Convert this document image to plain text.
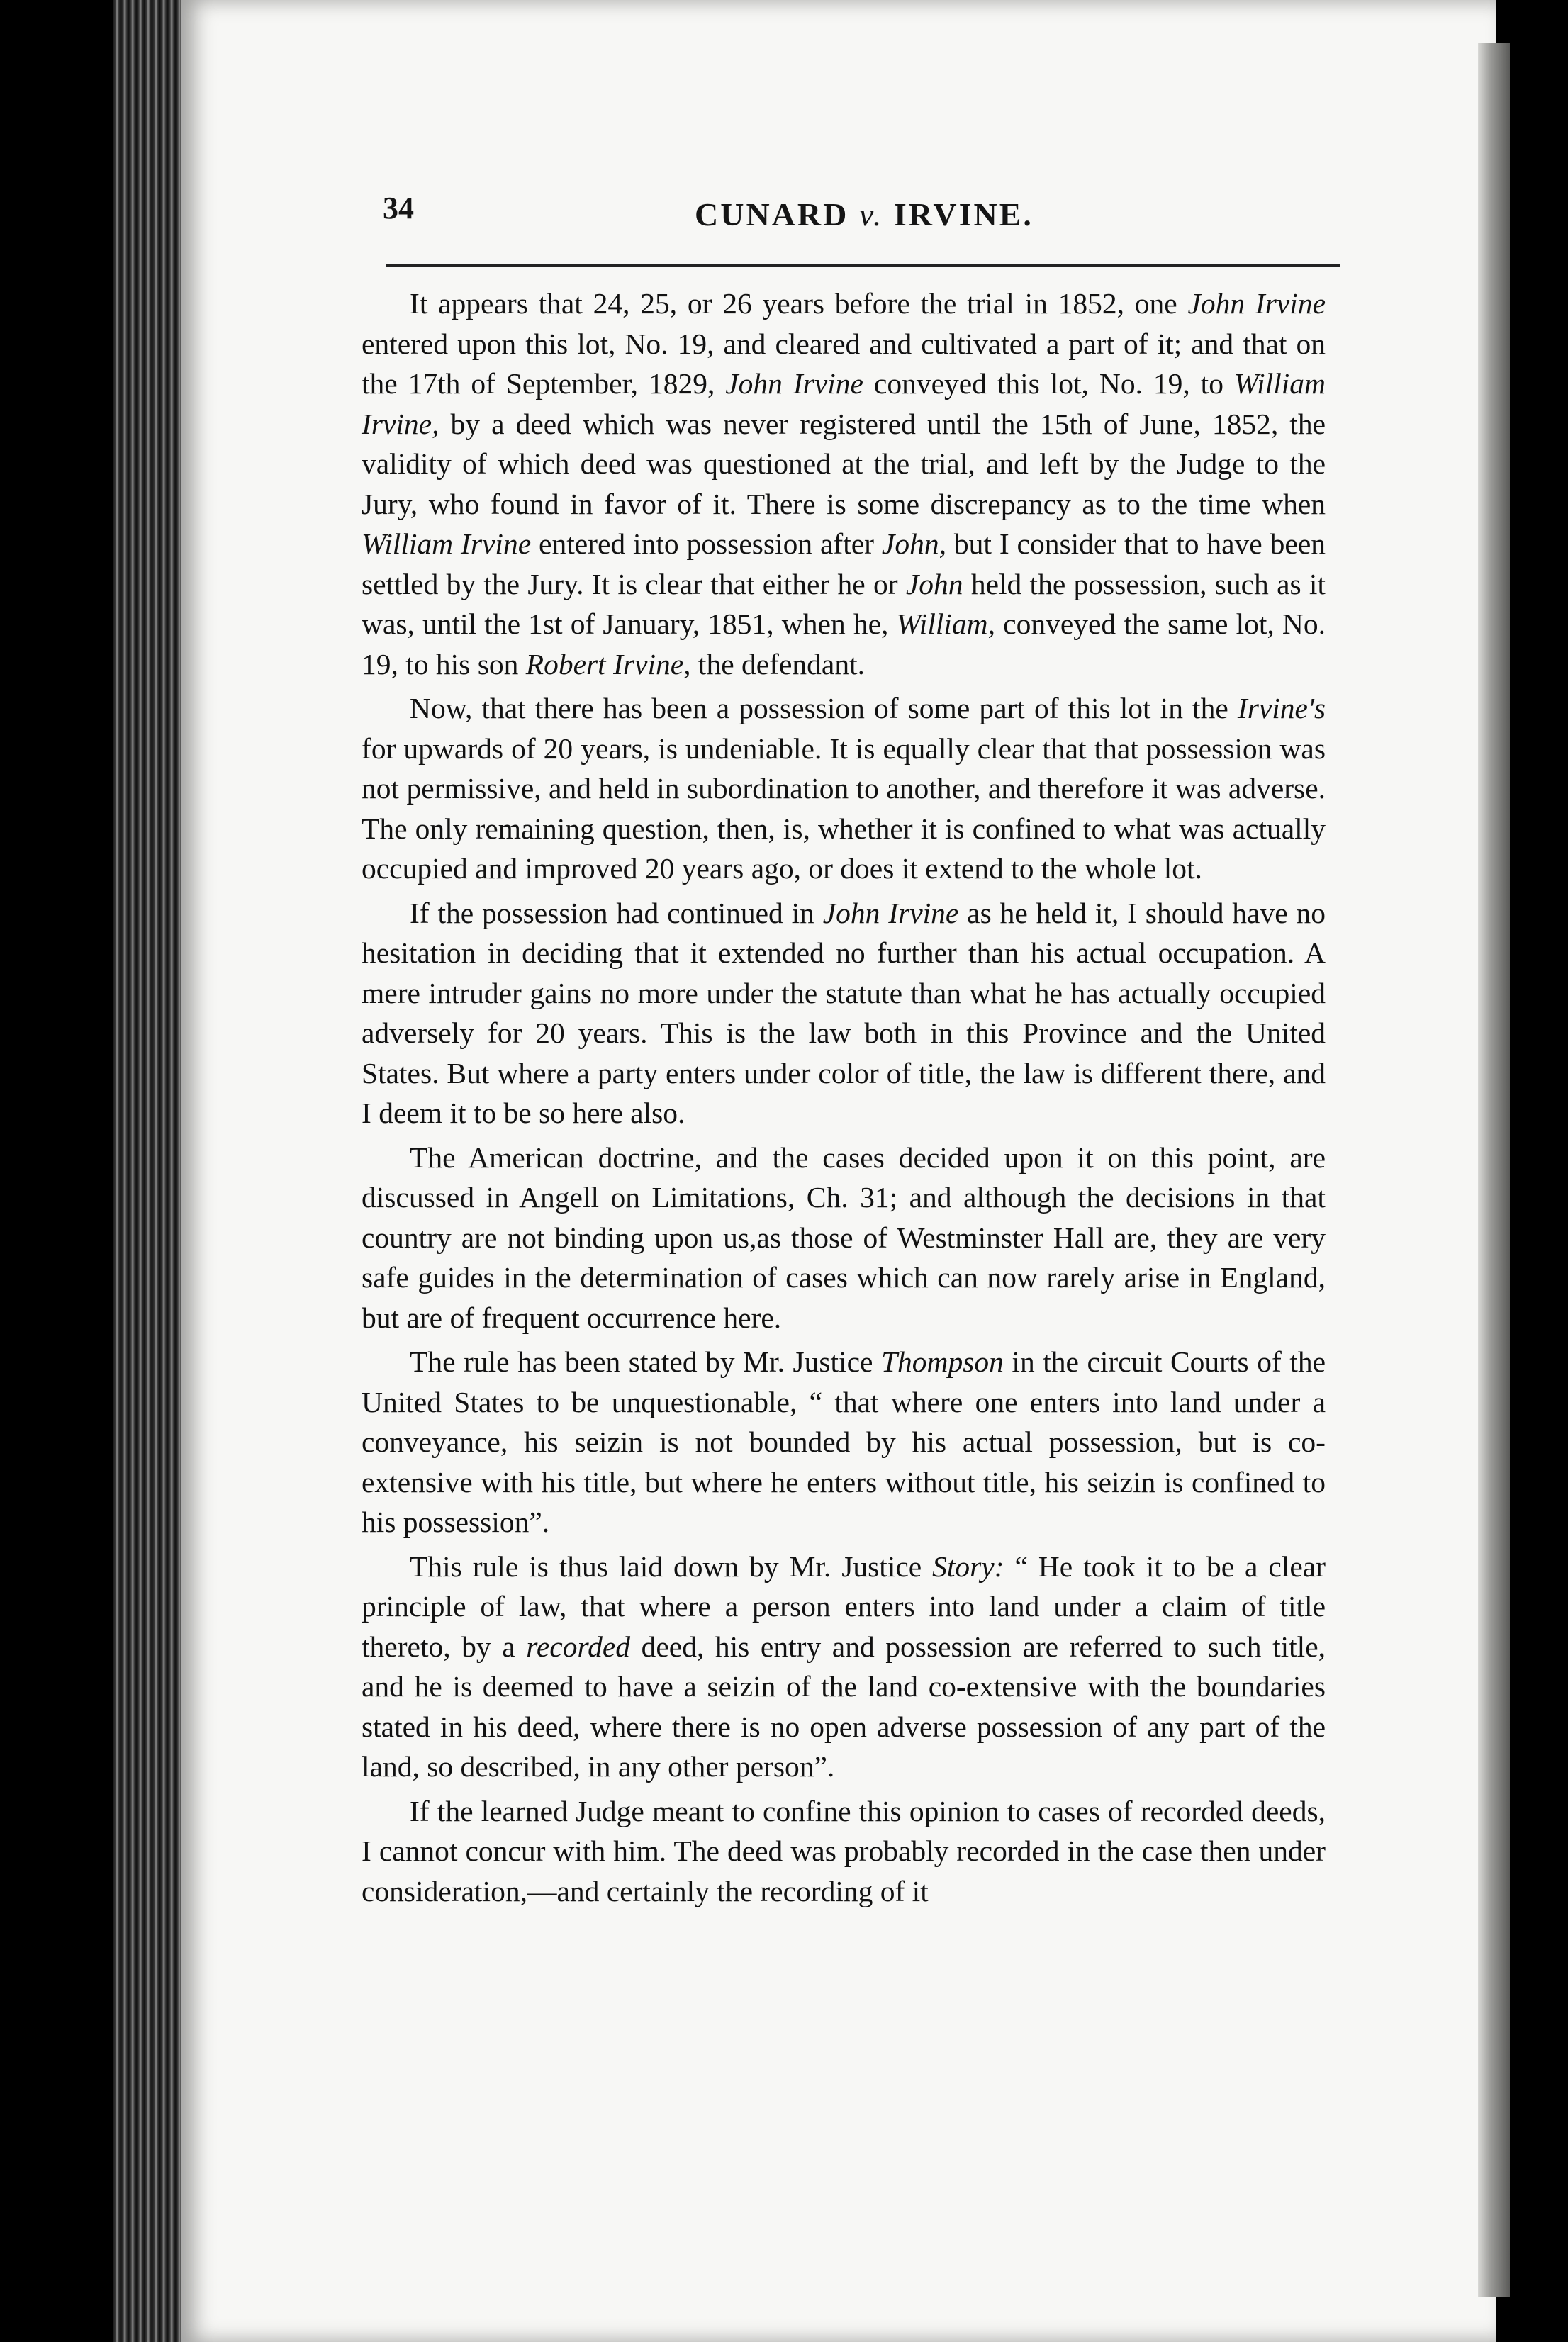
34	CUNARD v. IRVINE.

It appears that 24, 25, or 26 years before the trial in 1852, one John Irvine entered upon this lot, No. 19, and cleared and cultivated a part of it; and that on the 17th of September, 1829, John Irvine conveyed this lot, No. 19, to William Irvine, by a deed which was never registered until the 15th of June, 1852, the validity of which deed was questioned at the trial, and left by the Judge to the Jury, who found in favor of it. There is some discrepancy as to the time when William Irvine entered into possession after John, but I consider that to have been settled by the Jury. It is clear that either he or John held the possession, such as it was, until the 1st of January, 1851, when he, William, conveyed the same lot, No. 19, to his son Robert Irvine, the defendant.

Now, that there has been a possession of some part of this lot in the Irvine's for upwards of 20 years, is undeniable. It is equally clear that that possession was not permissive, and held in subordination to another, and therefore it was adverse. The only remaining question, then, is, whether it is confined to what was actually occupied and improved 20 years ago, or does it extend to the whole lot.

If the possession had continued in John Irvine as he held it, I should have no hesitation in deciding that it extended no further than his actual occupation. A mere intruder gains no more under the statute than what he has actually occupied adversely for 20 years. This is the law both in this Province and the United States. But where a party enters under color of title, the law is different there, and I deem it to be so here also.

The American doctrine, and the cases decided upon it on this point, are discussed in Angell on Limitations, Ch. 31; and although the decisions in that country are not binding upon us,as those of Westminster Hall are, they are very safe guides in the determination of cases which can now rarely arise in England, but are of frequent occurrence here.

The rule has been stated by Mr. Justice Thompson in the circuit Courts of the United States to be unquestionable, “ that where one enters into land under a conveyance, his seizin is not bounded by his actual possession, but is co-extensive with his title, but where he enters without title, his seizin is confined to his possession”.

This rule is thus laid down by Mr. Justice Story: “ He took it to be a clear principle of law, that where a person enters into land under a claim of title thereto, by a recorded deed, his entry and possession are referred to such title, and he is deemed to have a seizin of the land co-extensive with the boundaries stated in his deed, where there is no open adverse possession of any part of the land, so described, in any other person”.

If the learned Judge meant to confine this opinion to cases of recorded deeds, I cannot concur with him. The deed was probably recorded in the case then under consideration,—and certainly the recording of it
